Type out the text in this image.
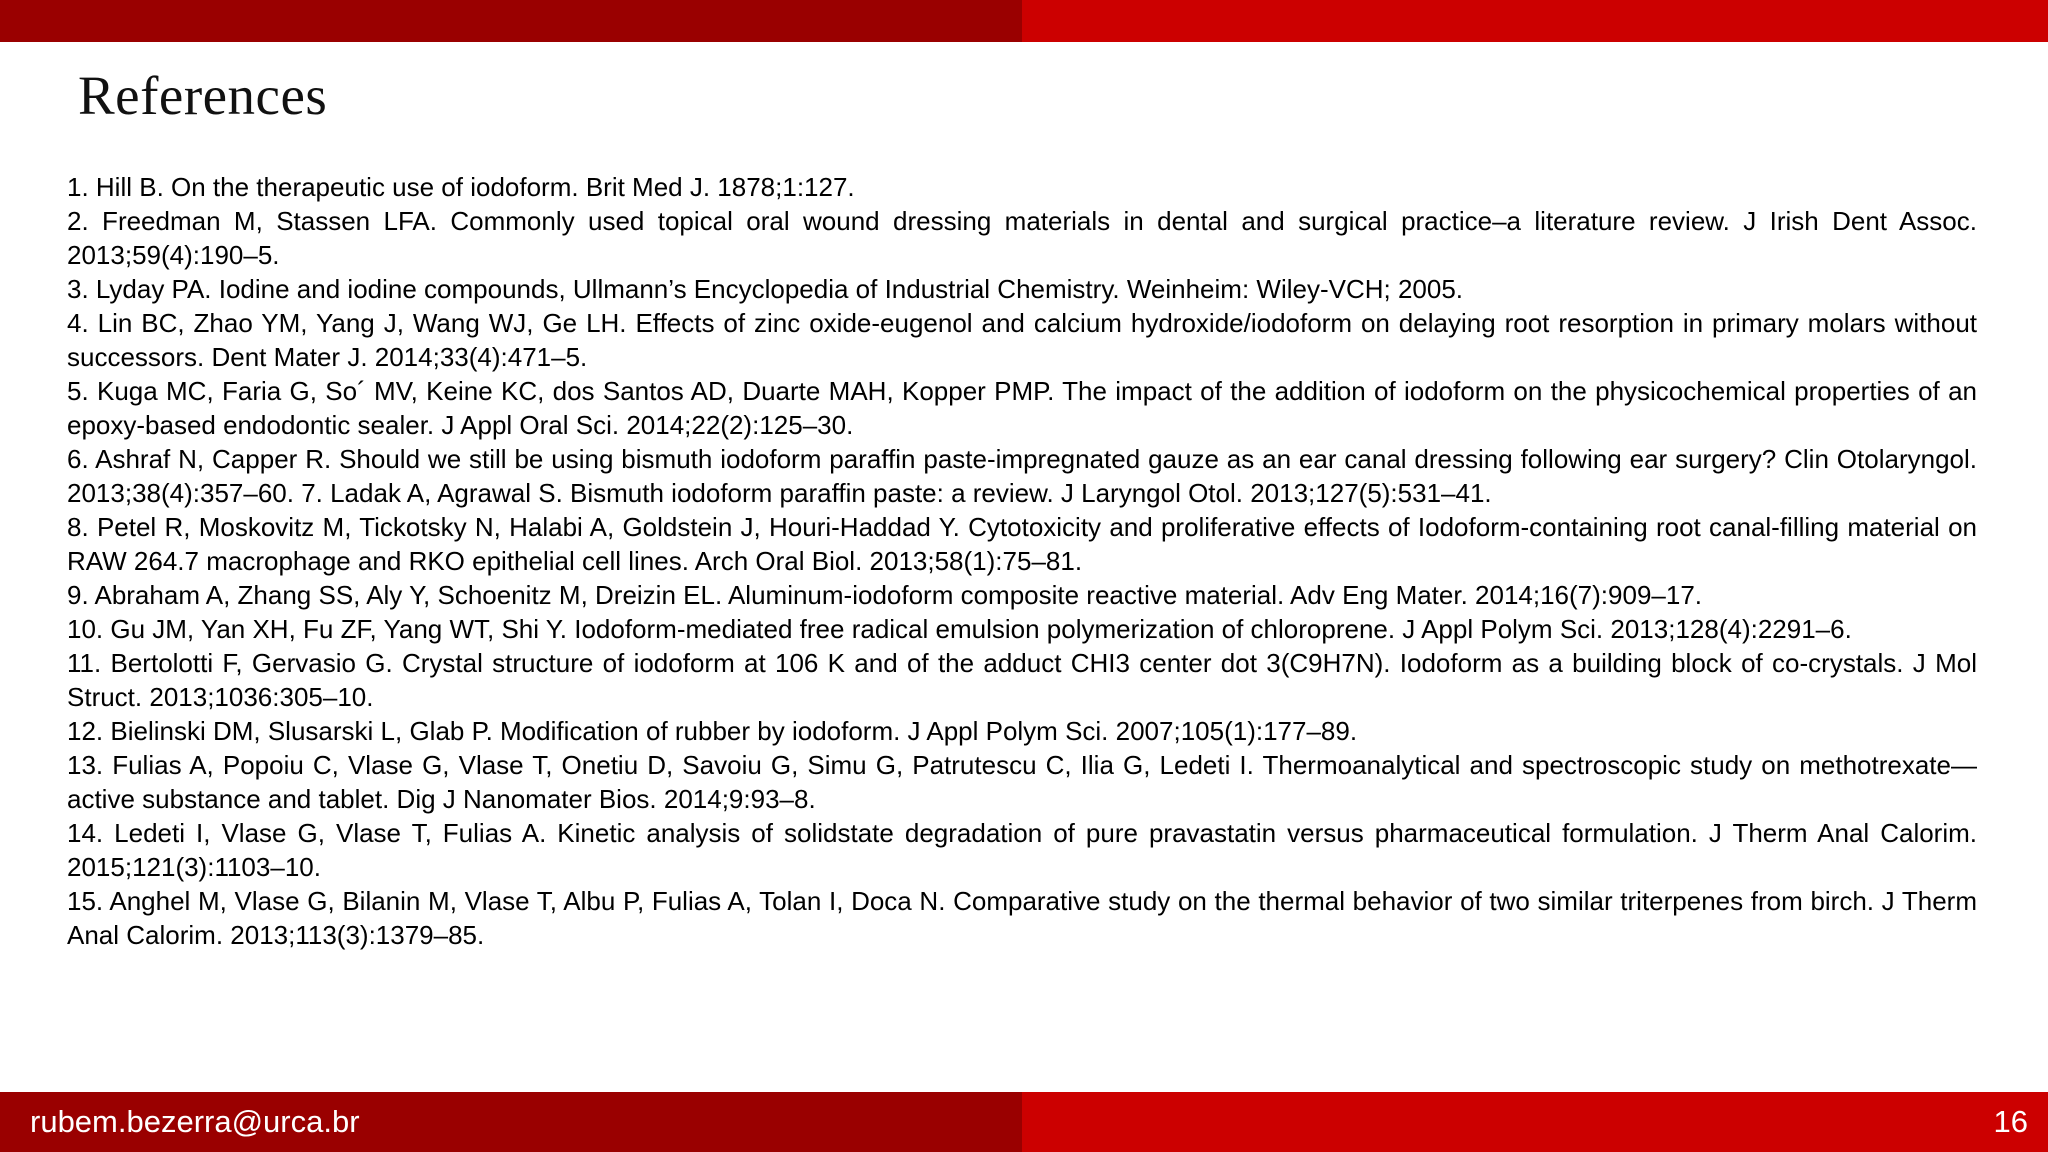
References

1. Hill B. On the therapeutic use of iodoform. Brit Med J. 1878;1:127.

2. Freedman M, Stassen LFA. Commonly used topical oral wound dressing materials in dental and surgical practice–a literature review. J Irish Dent Assoc. 2013;59(4):190–5.

3. Lyday PA. Iodine and iodine compounds, Ullmann’s Encyclopedia of Industrial Chemistry. Weinheim: Wiley-VCH; 2005.

4. Lin BC, Zhao YM, Yang J, Wang WJ, Ge LH. Effects of zinc oxide-eugenol and calcium hydroxide/iodoform on delaying root resorption in primary molars without successors. Dent Mater J. 2014;33(4):471–5.

5. Kuga MC, Faria G, So´ MV, Keine KC, dos Santos AD, Duarte MAH, Kopper PMP. The impact of the addition of iodoform on the physicochemical properties of an epoxy-based endodontic sealer. J Appl Oral Sci. 2014;22(2):125–30.

6. Ashraf N, Capper R. Should we still be using bismuth iodoform paraffin paste-impregnated gauze as an ear canal dressing following ear surgery? Clin Otolaryngol. 2013;38(4):357–60. 7. Ladak A, Agrawal S. Bismuth iodoform paraffin paste: a review. J Laryngol Otol. 2013;127(5):531–41.

8. Petel R, Moskovitz M, Tickotsky N, Halabi A, Goldstein J, Houri-Haddad Y. Cytotoxicity and proliferative effects of Iodoform-containing root canal-filling material on RAW 264.7 macrophage and RKO epithelial cell lines. Arch Oral Biol. 2013;58(1):75–81.

9. Abraham A, Zhang SS, Aly Y, Schoenitz M, Dreizin EL. Aluminum-iodoform composite reactive material. Adv Eng Mater. 2014;16(7):909–17.

10. Gu JM, Yan XH, Fu ZF, Yang WT, Shi Y. Iodoform-mediated free radical emulsion polymerization of chloroprene. J Appl Polym Sci. 2013;128(4):2291–6.

11. Bertolotti F, Gervasio G. Crystal structure of iodoform at 106 K and of the adduct CHI3 center dot 3(C9H7N). Iodoform as a building block of co-crystals. J Mol Struct. 2013;1036:305–10.

12. Bielinski DM, Slusarski L, Glab P. Modification of rubber by iodoform. J Appl Polym Sci. 2007;105(1):177–89.

13. Fulias A, Popoiu C, Vlase G, Vlase T, Onetiu D, Savoiu G, Simu G, Patrutescu C, Ilia G, Ledeti I. Thermoanalytical and spectroscopic study on methotrexate—active substance and tablet. Dig J Nanomater Bios. 2014;9:93–8.

14. Ledeti I, Vlase G, Vlase T, Fulias A. Kinetic analysis of solidstate degradation of pure pravastatin versus pharmaceutical formulation. J Therm Anal Calorim. 2015;121(3):1103–10.

15. Anghel M, Vlase G, Bilanin M, Vlase T, Albu P, Fulias A, Tolan I, Doca N. Comparative study on the thermal behavior of two similar triterpenes from birch. J Therm Anal Calorim. 2013;113(3):1379–85.

rubem.bezerra@urca.br	16
